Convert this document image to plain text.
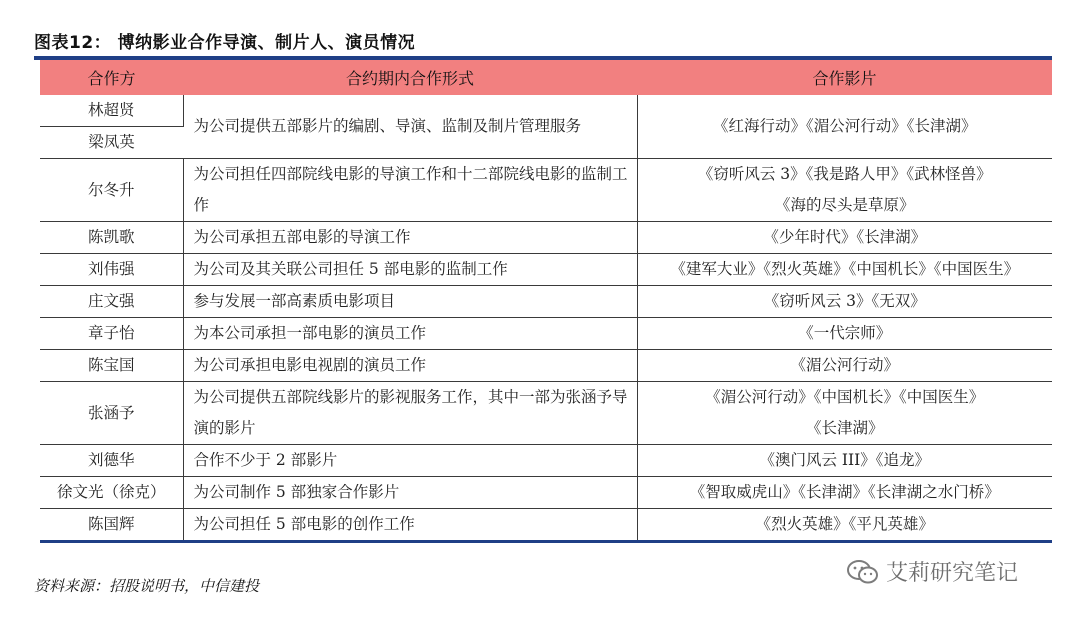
图表12： 博纳影业合作导演、制片人、演员情况
合作方	合约期内合作形式	合作影片
林超贤	为公司提供五部影片的编剧、导演、监制及制片管理服务	《红海行动》《湄公河行动》《长津湖》

梁凤英		
尔冬升	为公司担任四部院线电影的导演工作和十二部院线电影的监制工作	《窃听风云 3》《我是路人甲》《武林怪兽》
《海的尽头是草原》

陈凯歌	为公司承担五部电影的导演工作	《少年时代》《长津湖》

刘伟强	为公司及其关联公司担任 5 部电影的监制工作	《建军大业》《烈火英雄》《中国机长》《中国医生》

庄文强	参与发展一部高素质电影项目	《窃听风云 3》《无双》

章子怡	为本公司承担一部电影的演员工作	《一代宗师》

陈宝国	为公司承担电影电视剧的演员工作	《湄公河行动》

张涵予	为公司提供五部院线影片的影视服务工作，其中一部为张涵予导演的影片	《湄公河行动》《中国机长》《中国医生》
《长津湖》

刘德华	合作不少于 2 部影片	《澳门风云 III》《追龙》

徐文光（徐克）	为公司制作 5 部独家合作影片	《智取威虎山》《长津湖》《长津湖之水门桥》

陈国辉	为公司担任 5 部电影的创作工作	《烈火英雄》《平凡英雄》
资料来源：招股说明书，中信建投	艾莉研究笔记
